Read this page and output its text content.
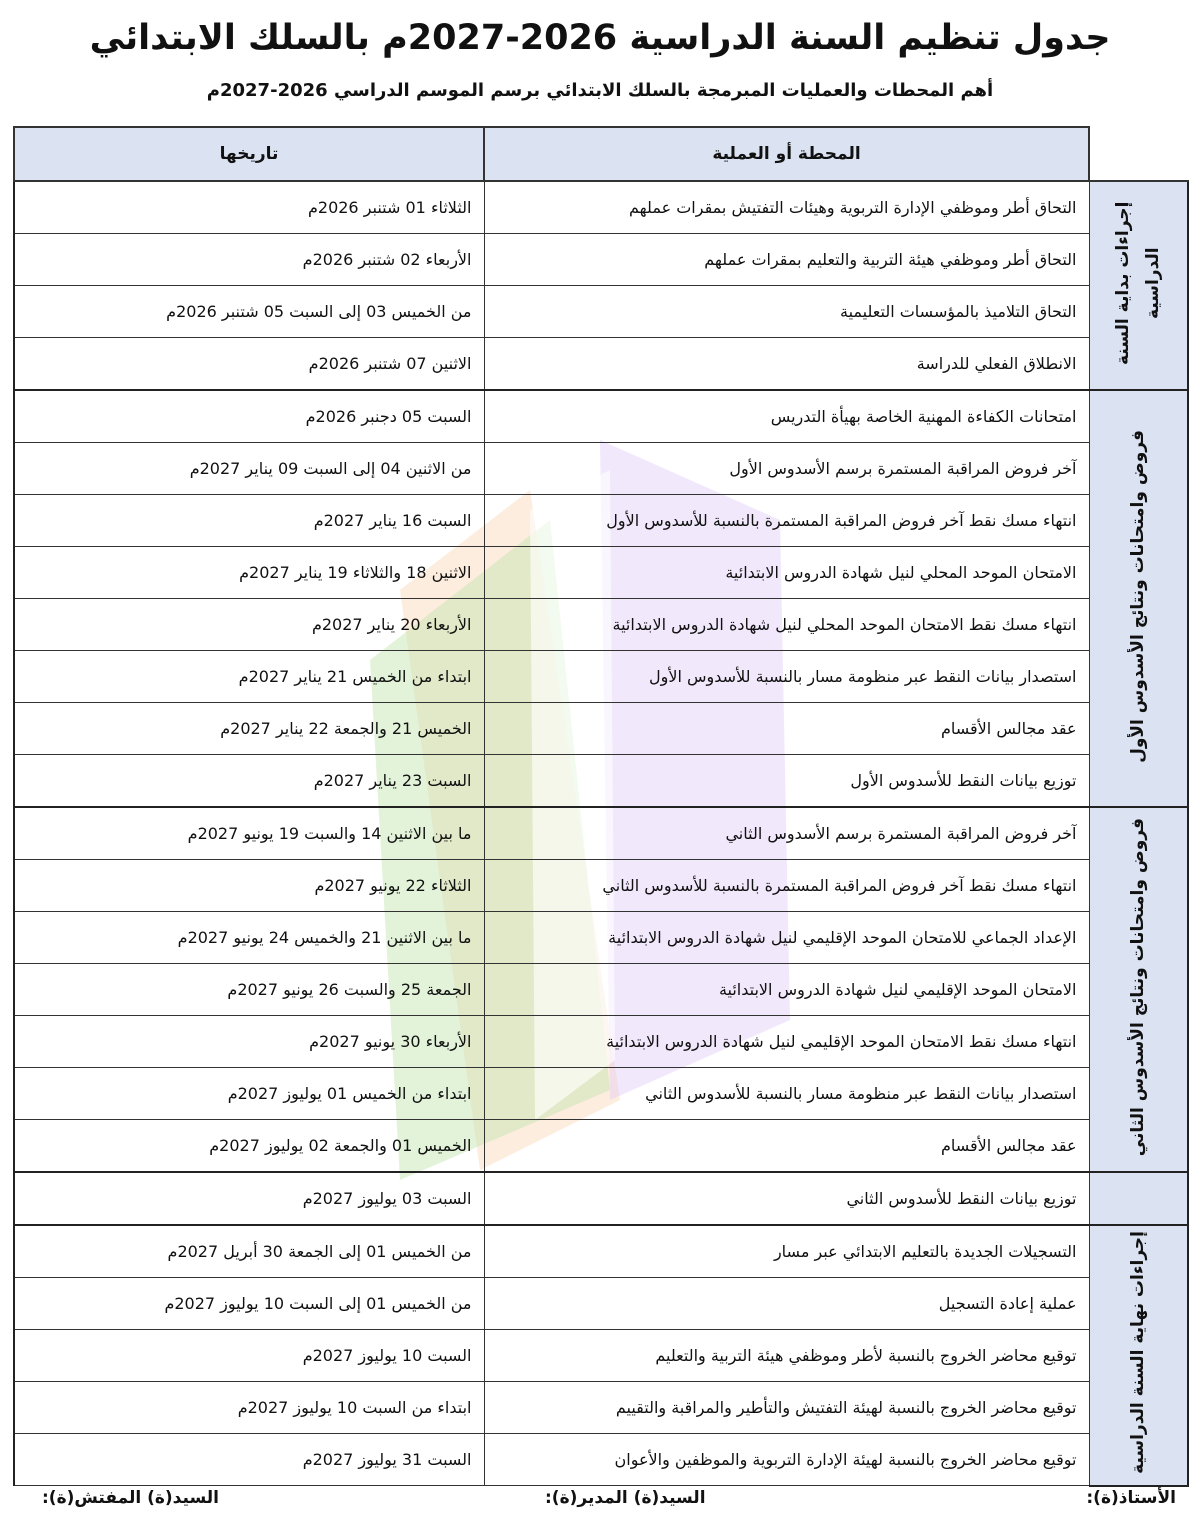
جدول تنظيم السنة الدراسية 2026-2027م بالسلك الابتدائي
أهم المحطات والعمليات المبرمجة بالسلك الابتدائي برسم الموسم الدراسي 2026-2027م
	المحطة أو العملية	تاريخها
إجراءات بداية السنة الدراسية	التحاق أطر وموظفي الإدارة التربوية وهيئات التفتيش بمقرات عملهم	الثلاثاء 01 شتنبر 2026م
	التحاق أطر وموظفي هيئة التربية والتعليم بمقرات عملهم	الأربعاء 02 شتنبر 2026م
	التحاق التلاميذ بالمؤسسات التعليمية	من الخميس 03 إلى السبت 05 شتنبر 2026م
	الانطلاق الفعلي للدراسة	الاثنين 07 شتنبر 2026م
فروض وامتحانات ونتائج الأسدوس الأول	امتحانات الكفاءة المهنية الخاصة بهيأة التدريس	السبت 05 دجنبر 2026م
	آخر فروض المراقبة المستمرة برسم الأسدوس الأول	من الاثنين 04 إلى السبت 09 يناير 2027م
	انتهاء مسك نقط آخر فروض المراقبة المستمرة بالنسبة للأسدوس الأول	السبت 16 يناير 2027م
	الامتحان الموحد المحلي لنيل شهادة الدروس الابتدائية	الاثنين 18 والثلاثاء 19 يناير 2027م
	انتهاء مسك نقط الامتحان الموحد المحلي لنيل شهادة الدروس الابتدائية	الأربعاء 20 يناير 2027م
	استصدار بيانات النقط عبر منظومة مسار بالنسبة للأسدوس الأول	ابتداء من الخميس 21 يناير 2027م
	عقد مجالس الأقسام	الخميس 21 والجمعة 22 يناير 2027م
	توزيع بيانات النقط للأسدوس الأول	السبت 23 يناير 2027م
فروض وامتحانات ونتائج الأسدوس الثاني	آخر فروض المراقبة المستمرة برسم الأسدوس الثاني	ما بين الاثنين 14 والسبت 19 يونيو 2027م
	انتهاء مسك نقط آخر فروض المراقبة المستمرة بالنسبة للأسدوس الثاني	الثلاثاء 22 يونيو 2027م
	الإعداد الجماعي للامتحان الموحد الإقليمي لنيل شهادة الدروس الابتدائية	ما بين الاثنين 21 والخميس 24 يونيو 2027م
	الامتحان الموحد الإقليمي لنيل شهادة الدروس الابتدائية	الجمعة 25 والسبت 26 يونيو 2027م
	انتهاء مسك نقط الامتحان الموحد الإقليمي لنيل شهادة الدروس الابتدائية	الأربعاء 30 يونيو 2027م
	استصدار بيانات النقط عبر منظومة مسار بالنسبة للأسدوس الثاني	ابتداء من الخميس 01 يوليوز 2027م
	عقد مجالس الأقسام	الخميس 01 والجمعة 02 يوليوز 2027م
	توزيع بيانات النقط للأسدوس الثاني	السبت 03 يوليوز 2027م
إجراءات نهاية السنة الدراسية	التسجيلات الجديدة بالتعليم الابتدائي عبر مسار	من الخميس 01 إلى الجمعة 30 أبريل 2027م
	عملية إعادة التسجيل	من الخميس 01 إلى السبت 10 يوليوز 2027م
	توقيع محاضر الخروج بالنسبة لأطر وموظفي هيئة التربية والتعليم	السبت 10 يوليوز 2027م
	توقيع محاضر الخروج بالنسبة لهيئة التفتيش والتأطير والمراقبة والتقييم	ابتداء من السبت 10 يوليوز 2027م
	توقيع محاضر الخروج بالنسبة لهيئة الإدارة التربوية والموظفين والأعوان	السبت 31 يوليوز 2027م
الأستاذ(ة):
السيد(ة) المدير(ة):
السيد(ة) المفتش(ة):
